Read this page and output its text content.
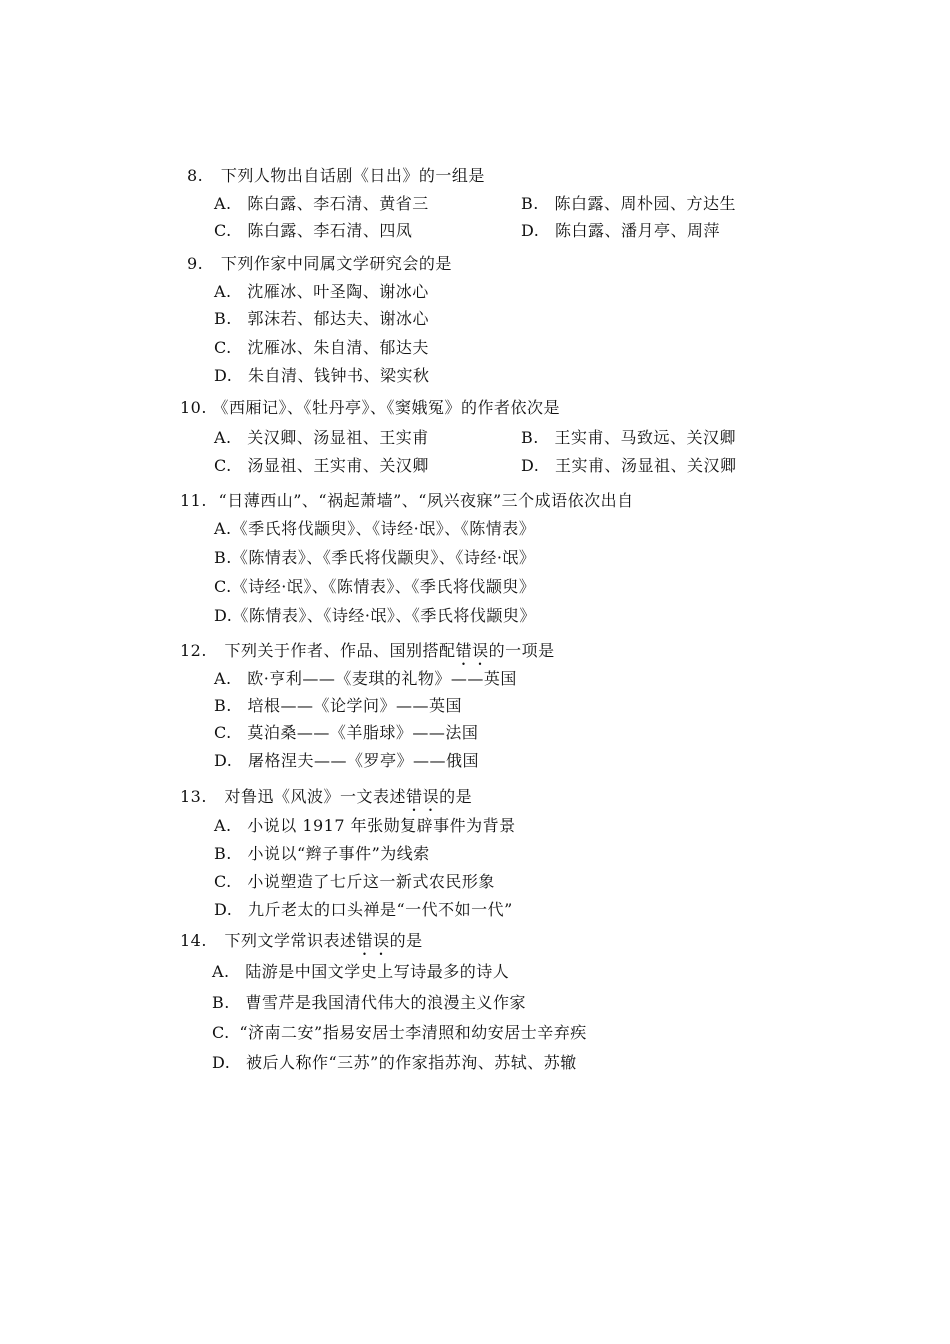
8. 下列人物出自话剧《日出》的一组是
A. 陈白露、李石清、黄省三	B. 陈白露、周朴园、方达生
C. 陈白露、李石清、四凤	D. 陈白露、潘月亭、周萍
9. 下列作家中同属文学研究会的是
A. 沈雁冰、叶圣陶、谢冰心
B. 郭沫若、郁达夫、谢冰心
C. 沈雁冰、朱自清、郁达夫
D. 朱自清、钱钟书、梁实秋
10. 《西厢记》、《牡丹亭》、《窦娥冤》的作者依次是
A. 关汉卿、汤显祖、王实甫	B. 王实甫、马致远、关汉卿
C. 汤显祖、王实甫、关汉卿	D. 王实甫、汤显祖、关汉卿
11. “日薄西山”、“祸起萧墙”、“夙兴夜寐”三个成语依次出自
A.《季氏将伐颛臾》、《诗经·氓》、《陈情表》
B.《陈情表》、《季氏将伐颛臾》、《诗经·氓》
C.《诗经·氓》、《陈情表》、《季氏将伐颛臾》
D.《陈情表》、《诗经·氓》、《季氏将伐颛臾》
12. 下列关于作者、作品、国别搭配错误的一项是
A. 欧·亨利——《麦琪的礼物》——英国
B. 培根——《论学问》——英国
C. 莫泊桑——《羊脂球》——法国
D. 屠格涅夫——《罗亭》——俄国
13. 对鲁迅《风波》一文表述错误的是
A. 小说以 1917 年张勋复辟事件为背景
B. 小说以“辫子事件”为线索
C. 小说塑造了七斤这一新式农民形象
D. 九斤老太的口头禅是“一代不如一代”
14. 下列文学常识表述错误的是
A. 陆游是中国文学史上写诗最多的诗人
B. 曹雪芹是我国清代伟大的浪漫主义作家
C. “济南二安”指易安居士李清照和幼安居士辛弃疾
D. 被后人称作“三苏”的作家指苏洵、苏轼、苏辙
